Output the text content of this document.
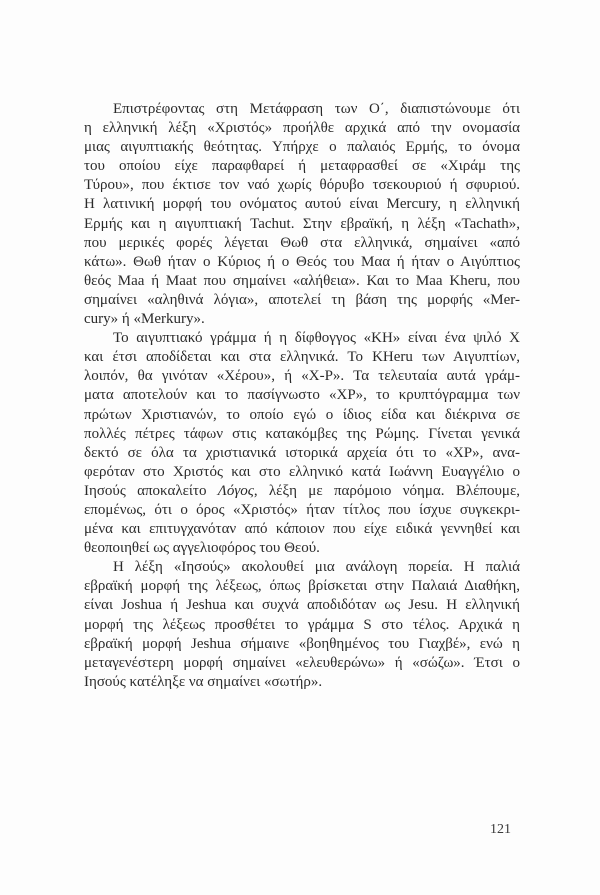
Επιστρέφοντας στη Μετάφραση των Ο΄, διαπιστώνουμε ότι
η ελληνική λέξη «Χριστός» προήλθε αρχικά από την ονομασία
μιας αιγυπτιακής θεότητας. Υπήρχε ο παλαιός Ερμής, το όνομα
του οποίου είχε παραφθαρεί ή μεταφρασθεί σε «Χιράμ της
Τύρου», που έκτισε τον ναό χωρίς θόρυβο τσεκουριού ή σφυριού.
Η λατινική μορφή του ονόματος αυτού είναι Mercury, η ελληνική
Ερμής και η αιγυπτιακή Tachut. Στην εβραϊκή, η λέξη «Tachath»,
που μερικές φορές λέγεται Θωθ στα ελληνικά, σημαίνει «από
κάτω». Θωθ ήταν ο Κύριος ή ο Θεός του Μαα ή ήταν ο Αιγύπτιος
θεός Maa ή Maat που σημαίνει «αλήθεια». Και το Maa Kheru, που
σημαίνει «αληθινά λόγια», αποτελεί τη βάση της μορφής «Mer-
cury» ή «Merkury».
Το αιγυπτιακό γράμμα ή η δίφθογγος «KH» είναι ένα ψιλό X
και έτσι αποδίδεται και στα ελληνικά. Το KHeru των Αιγυπτίων,
λοιπόν, θα γινόταν «Χέρου», ή «Χ-Ρ». Τα τελευταία αυτά γράμ-
ματα αποτελούν και το πασίγνωστο «ΧΡ», το κρυπτόγραμμα των
πρώτων Χριστιανών, το οποίο εγώ ο ίδιος είδα και διέκρινα σε
πολλές πέτρες τάφων στις κατακόμβες της Ρώμης. Γίνεται γενικά
δεκτό σε όλα τα χριστιανικά ιστορικά αρχεία ότι το «ΧΡ», ανα-
φερόταν στο Χριστός και στο ελληνικό κατά Ιωάννη Ευαγγέλιο ο
Ιησούς αποκαλείτο Λόγος, λέξη με παρόμοιο νόημα. Βλέπουμε,
επομένως, ότι ο όρος «Χριστός» ήταν τίτλος που ίσχυε συγκεκρι-
μένα και επιτυγχανόταν από κάποιον που είχε ειδικά γεννηθεί και
θεοποιηθεί ως αγγελιοφόρος του Θεού.
Η λέξη «Ιησούς» ακολουθεί μια ανάλογη πορεία. Η παλιά
εβραϊκή μορφή της λέξεως, όπως βρίσκεται στην Παλαιά Διαθήκη,
είναι Joshua ή Jeshua και συχνά αποδιδόταν ως Jesu. Η ελληνική
μορφή της λέξεως προσθέτει το γράμμα S στο τέλος. Αρχικά η
εβραϊκή μορφή Jeshua σήμαινε «βοηθημένος του Γιαχβέ», ενώ η
μεταγενέστερη μορφή σημαίνει «ελευθερώνω» ή «σώζω». Έτσι ο
Ιησούς κατέληξε να σημαίνει «σωτήρ».
121
